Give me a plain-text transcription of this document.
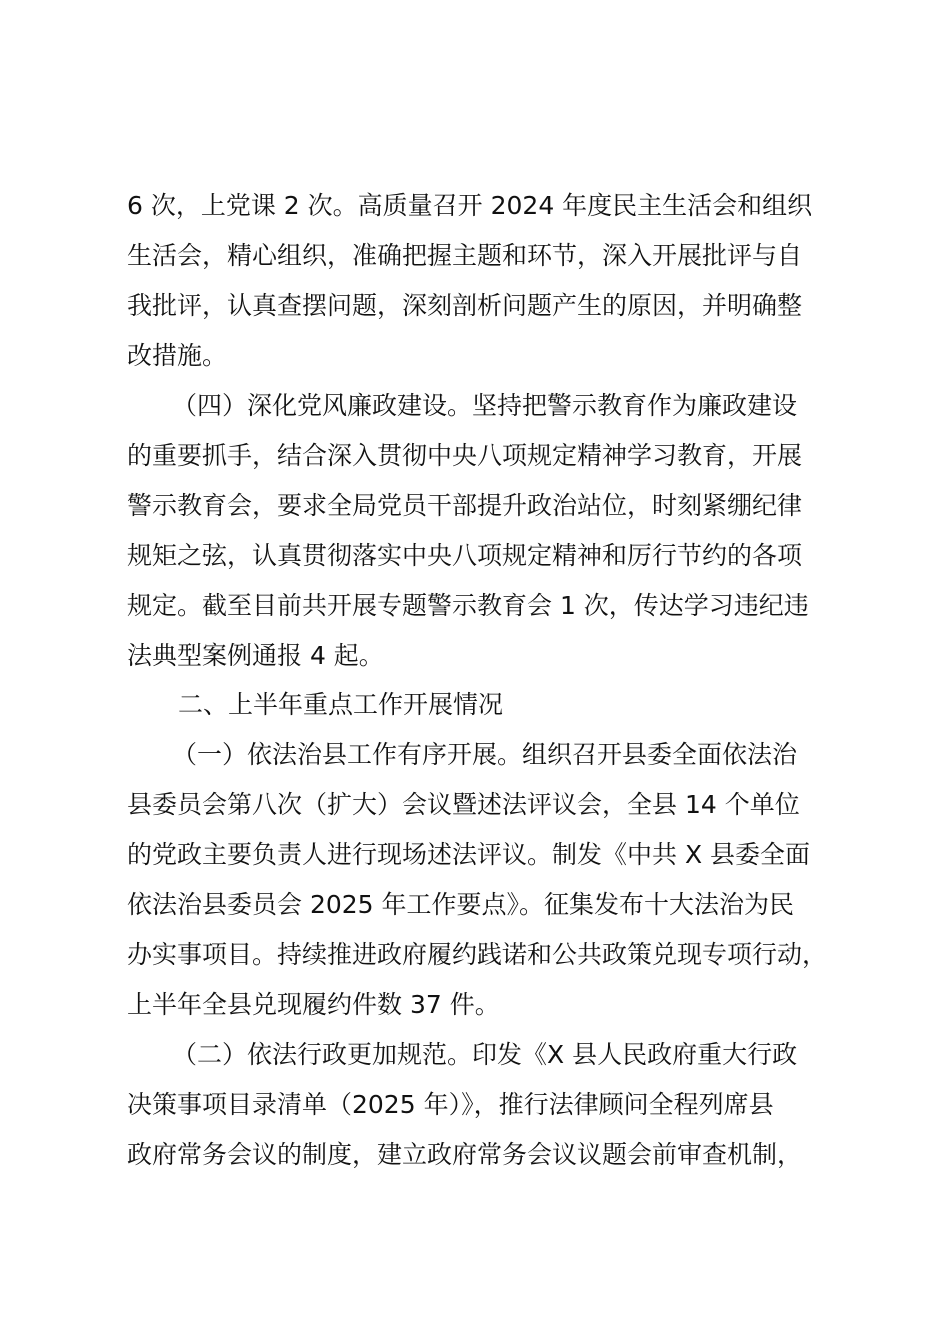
6 次，上党课 2 次。高质量召开 2024 年度民主生活会和组织
生活会，精心组织，准确把握主题和环节，深入开展批评与自
我批评，认真查摆问题，深刻剖析问题产生的原因，并明确整
改措施。
（四）深化党风廉政建设。坚持把警示教育作为廉政建设
的重要抓手，结合深入贯彻中央八项规定精神学习教育，开展
警示教育会，要求全局党员干部提升政治站位，时刻紧绷纪律
规矩之弦，认真贯彻落实中央八项规定精神和厉行节约的各项
规定。截至目前共开展专题警示教育会 1 次，传达学习违纪违
法典型案例通报 4 起。
二、上半年重点工作开展情况
（一）依法治县工作有序开展。组织召开县委全面依法治
县委员会第八次（扩大）会议暨述法评议会，全县 14 个单位
的党政主要负责人进行现场述法评议。制发《中共 X 县委全面
依法治县委员会 2025 年工作要点》。征集发布十大法治为民
办实事项目。持续推进政府履约践诺和公共政策兑现专项行动，
上半年全县兑现履约件数 37 件。
（二）依法行政更加规范。印发《X 县人民政府重大行政
决策事项目录清单（2025 年）》，推行法律顾问全程列席县
政府常务会议的制度，建立政府常务会议议题会前审查机制，
